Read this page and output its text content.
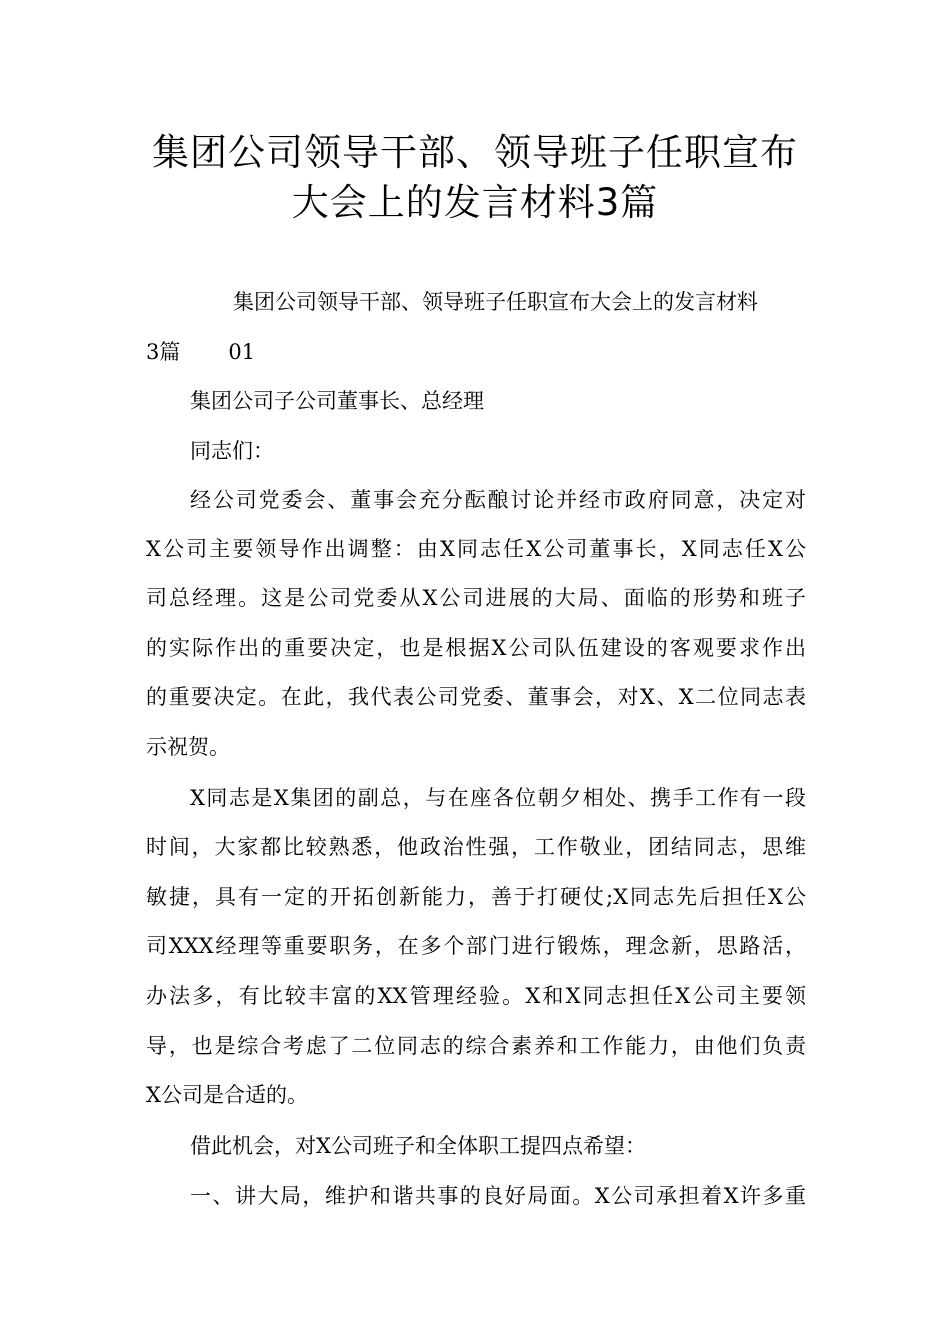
集团公司领导干部、领导班子任职宣布
大会上的发言材料3篇
集团公司领导干部、领导班子任职宣布大会上的发言材料
3篇 01
集团公司子公司董事长、总经理
同志们：
经公司党委会、董事会充分酝酿讨论并经市政府同意，决定对
X公司主要领导作出调整：由X同志任X公司董事长，X同志任X公
司总经理。这是公司党委从X公司进展的大局、面临的形势和班子
的实际作出的重要决定，也是根据X公司队伍建设的客观要求作出
的重要决定。在此，我代表公司党委、董事会，对X、X二位同志表
示祝贺。
X同志是X集团的副总，与在座各位朝夕相处、携手工作有一段
时间，大家都比较熟悉，他政治性强，工作敬业，团结同志，思维
敏捷，具有一定的开拓创新能力，善于打硬仗;X同志先后担任X公
司XXX经理等重要职务，在多个部门进行锻炼，理念新，思路活，
办法多，有比较丰富的XX管理经验。X和X同志担任X公司主要领
导，也是综合考虑了二位同志的综合素养和工作能力，由他们负责
X公司是合适的。
借此机会，对X公司班子和全体职工提四点希望：
一、讲大局，维护和谐共事的良好局面。X公司承担着X许多重
